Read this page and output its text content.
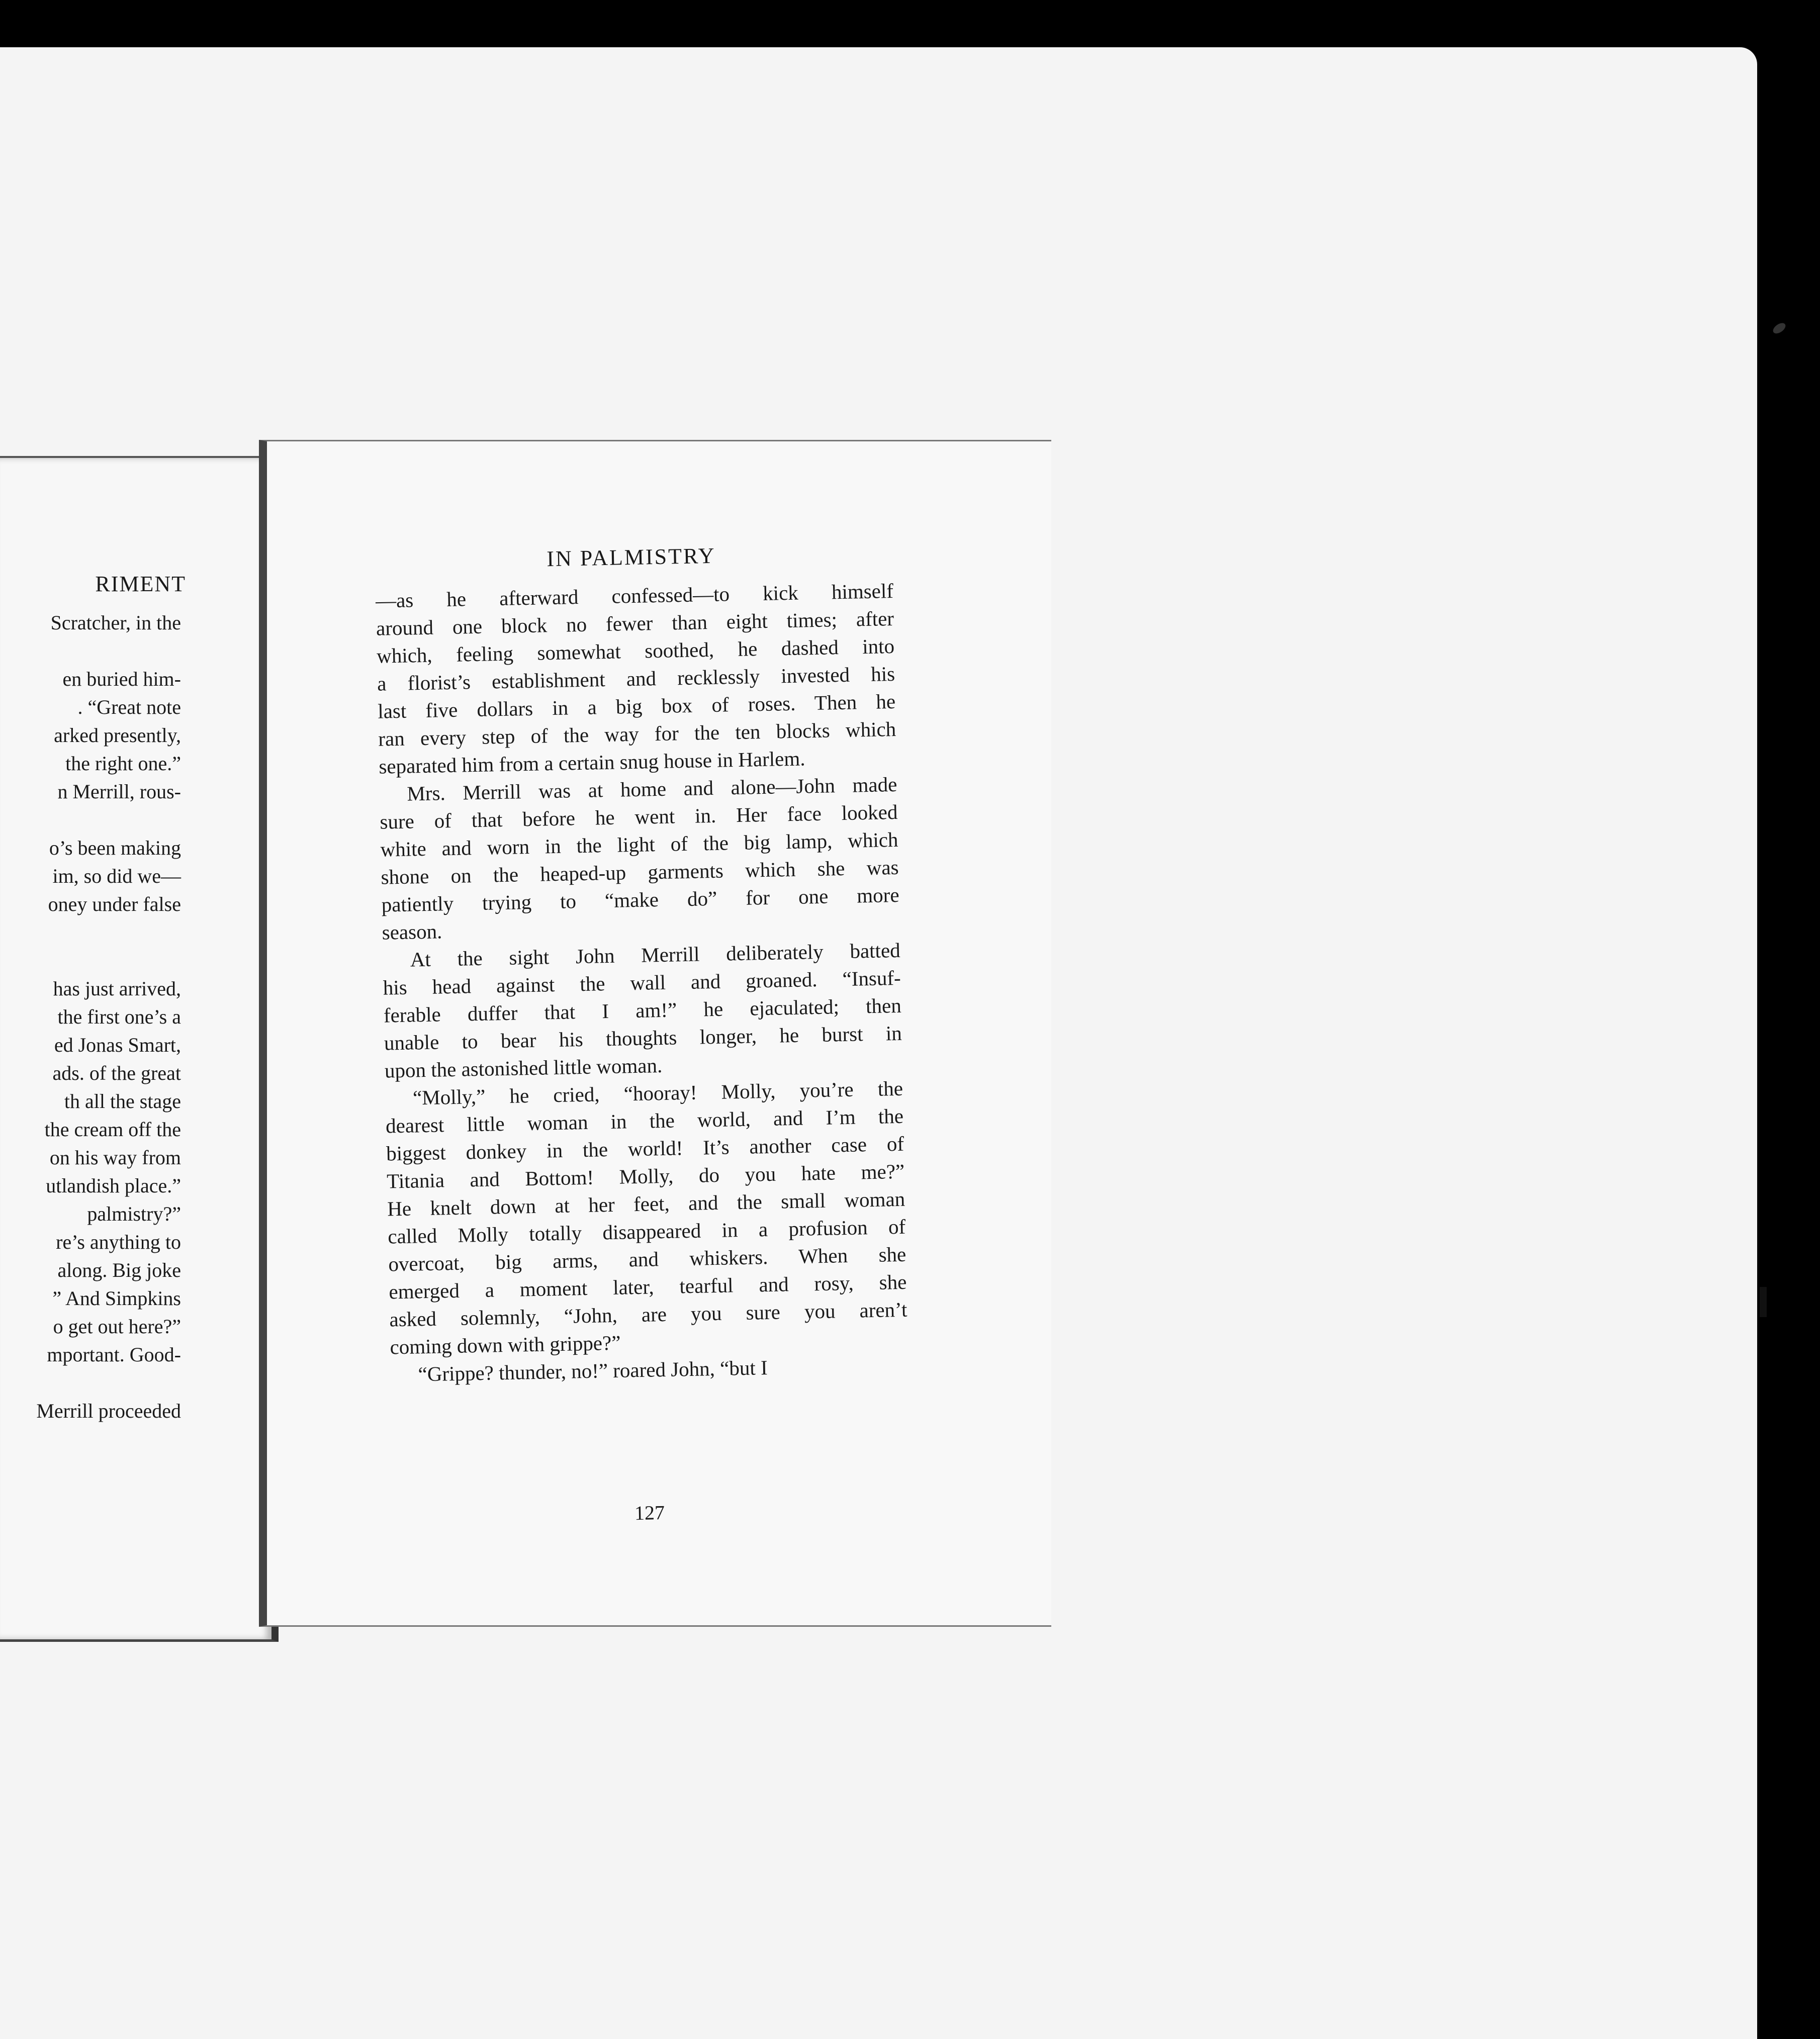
RIMENT
Scratcher, in the
en buried him-
. “Great note
arked presently,
the right one.”
n Merrill, rous-
o’s been making
im, so did we—
oney under false
has just arrived,
the first one’s a
ed Jonas Smart,
ads. of the great
th all the stage
the cream off the
on his way from
utlandish place.”
palmistry?”
re’s anything to
along. Big joke
” And Simpkins
o get out here?”
mportant. Good-
Merrill proceeded
IN PALMISTRY
—as he afterward confessed—to kick himself
around one block no fewer than eight times; after
which, feeling somewhat soothed, he dashed into
a florist’s establishment and recklessly invested his
last five dollars in a big box of roses. Then he
ran every step of the way for the ten blocks which
separated him from a certain snug house in Harlem.
Mrs. Merrill was at home and alone—John made
sure of that before he went in. Her face looked
white and worn in the light of the big lamp, which
shone on the heaped-up garments which she was
patiently trying to “make do” for one more
season.
At the sight John Merrill deliberately batted
his head against the wall and groaned. “Insuf-
ferable duffer that I am!” he ejaculated; then
unable to bear his thoughts longer, he burst in
upon the astonished little woman.
“Molly,” he cried, “hooray! Molly, you’re the
dearest little woman in the world, and I’m the
biggest donkey in the world! It’s another case of
Titania and Bottom! Molly, do you hate me?”
He knelt down at her feet, and the small woman
called Molly totally disappeared in a profusion of
overcoat, big arms, and whiskers. When she
emerged a moment later, tearful and rosy, she
asked solemnly, “John, are you sure you aren’t
coming down with grippe?”
“Grippe? thunder, no!” roared John, “but I
127
